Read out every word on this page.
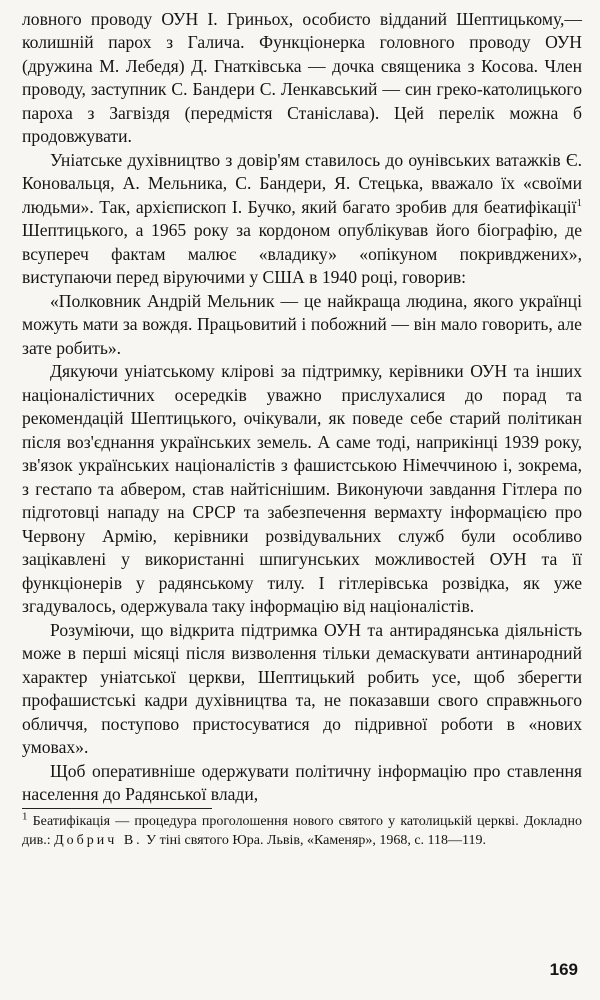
ловного проводу ОУН І. Гриньох, особисто відданий Шептицькому,— колишній парох з Галича. Функціонерка головного проводу ОУН (дружина М. Лебедя) Д. Гнатківська — дочка священика з Косова. Член проводу, заступник С. Бандери С. Ленкавський — син греко-католицького пароха з Загвіздя (передмістя Станіслава). Цей перелік можна б продовжувати.

Уніатське духівництво з довір'ям ставилось до оунівських ватажків Є. Коновальця, А. Мельника, С. Бандери, Я. Стецька, вважало їх «своїми людьми». Так, архієпископ І. Бучко, який багато зробив для беатифікації$^1$ Шептицького, а 1965 року за кордоном опублікував його біографію, де всупереч фактам малює «владику» «опікуном покривджених», виступаючи перед віруючими у США в 1940 році, говорив:

«Полковник Андрій Мельник — це найкраща людина, якого українці можуть мати за вождя. Працьовитий і побожний — він мало говорить, але зате робить».

Дякуючи уніатському клірові за підтримку, керівники ОУН та інших націоналістичних осередків уважно прислухалися до порад та рекомендацій Шептицького, очікували, як поведе себе старий політикан після воз'єднання українських земель. А саме тоді, наприкінці 1939 року, зв'язок українських націоналістів з фашистською Німеччиною і, зокрема, з гестапо та абвером, став найтіснішим. Виконуючи завдання Гітлера по підготовці нападу на СРСР та забезпечення вермахту інформацією про Червону Армію, керівники розвідувальних служб були особливо зацікавлені у використанні шпигунських можливостей ОУН та її функціонерів у радянському тилу. І гітлерівська розвідка, як уже згадувалось, одержувала таку інформацію від націоналістів.

Розуміючи, що відкрита підтримка ОУН та антирадянська діяльність може в перші місяці після визволення тільки демаскувати антинародний характер уніатської церкви, Шептицький робить усе, щоб зберегти профашистські кадри духівництва та, не показавши свого справжнього обличчя, поступово пристосуватися до підривної роботи в «нових умовах».

Щоб оперативніше одержувати політичну інформацію про ставлення населення до Радянської влади,

$^1$ Беатифікація — процедура проголошення нового святого у католицькій церкві. Докладно див.: Добрич В. У тіні святого Юра. Львів, «Каменяр», 1968, с. 118—119.
169
